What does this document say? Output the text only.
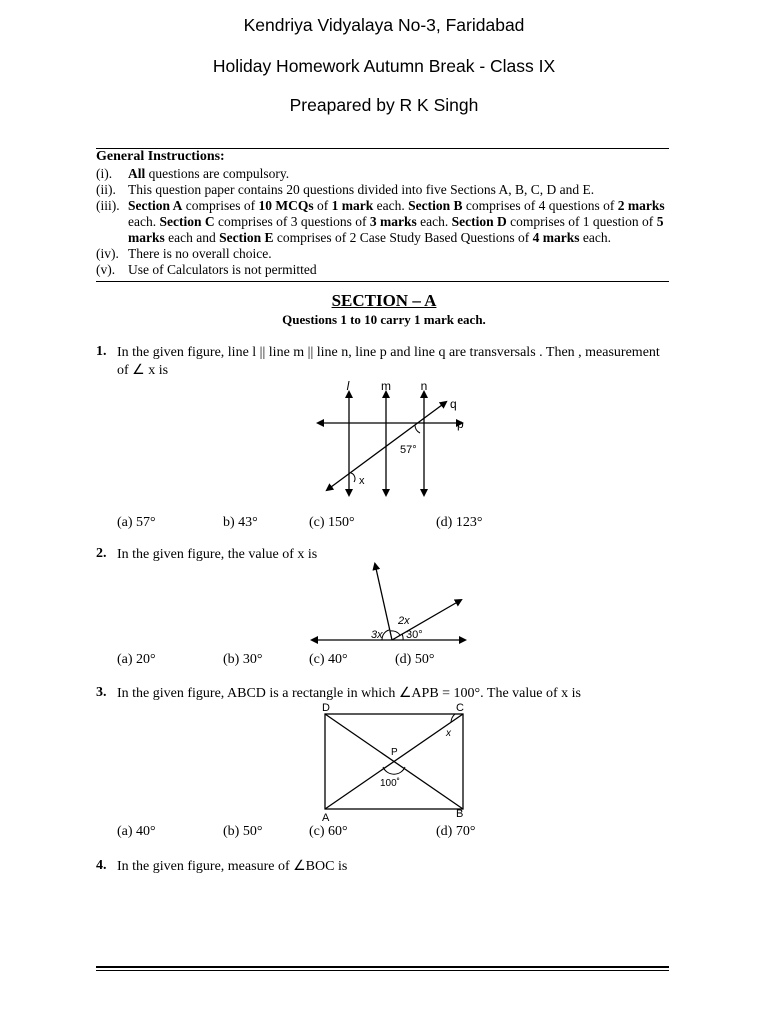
Kendriya Vidyalaya No-3, Faridabad
Holiday Homework Autumn Break - Class IX
Preapared by R K Singh
General Instructions:
(i). All questions are compulsory.
(ii). This question paper contains 20 questions divided into five Sections A, B, C, D and E.
(iii). Section A comprises of 10 MCQs of 1 mark each. Section B comprises of 4 questions of 2 marks
each. Section C comprises of 3 questions of 3 marks each. Section D comprises of 1 question of 5
marks each and Section E comprises of 2 Case Study Based Questions of 4 marks each.
(iv). There is no overall choice.
(v). Use of Calculators is not permitted
SECTION – A
Questions 1 to 10 carry 1 mark each.
1. In the given figure, line l || line m || line n, line p and line q are transversals . Then , measurement of ∠ x is
l	m n
q
p
57°
x
(a) 57°	b) 43°	(c) 150°	(d) 123°
2. In the given figure, the value of x is
2x
3x 30°
(a) 20°	(b) 30°	(c) 40°	(d) 50°
3. In the given figure, ABCD is a rectangle in which ∠APB = 100°. The value of x is
D	C
A	B
P
x
100˚
(a) 40°	(b) 50°	(c) 60°	(d) 70°
4. In the given figure, measure of ∠BOC is
